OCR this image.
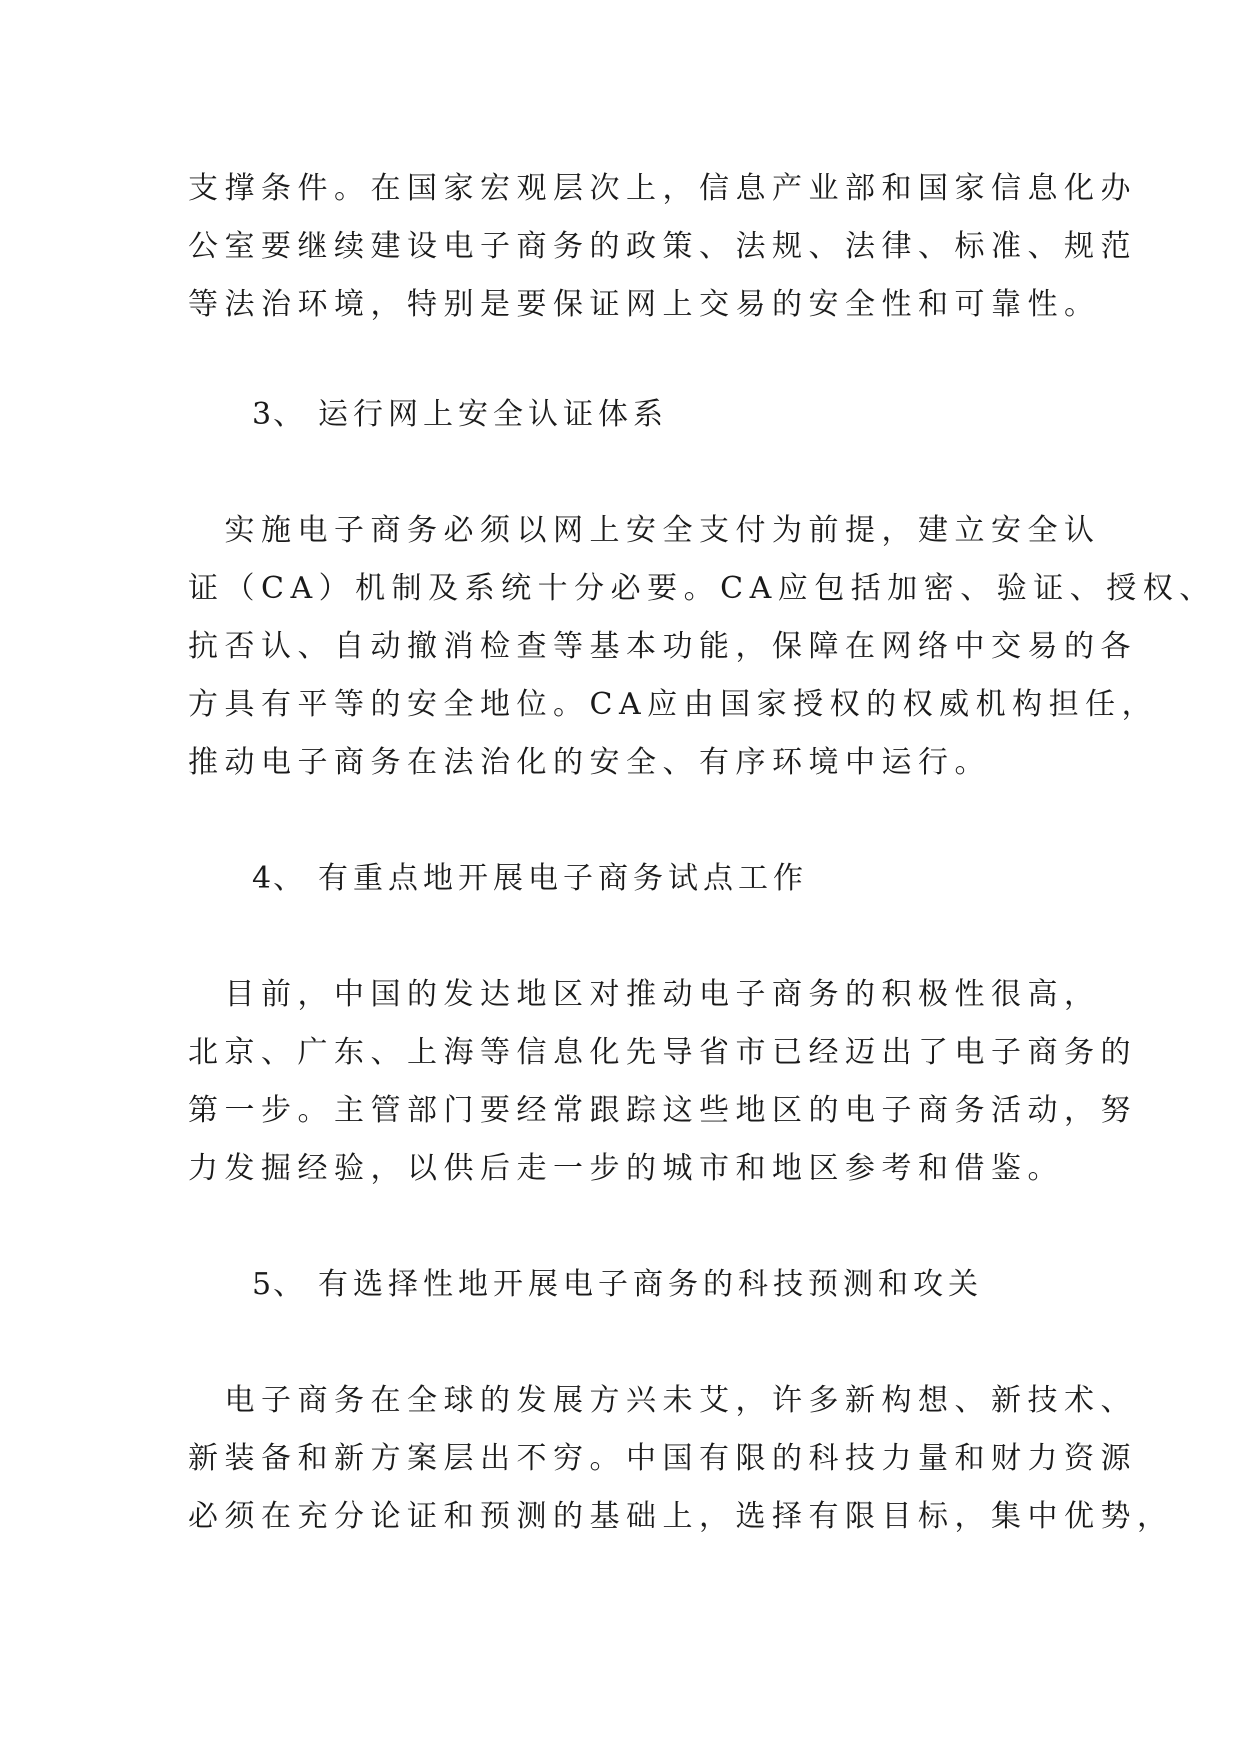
支撑条件。在国家宏观层次上，信息产业部和国家信息化办
公室要继续建设电子商务的政策、法规、法律、标准、规范
等法治环境，特别是要保证网上交易的安全性和可靠性。

3、 运行网上安全认证体系

　实施电子商务必须以网上安全支付为前提，建立安全认
证（CA）机制及系统十分必要。CA应包括加密、验证、授权、
抗否认、自动撤消检查等基本功能，保障在网络中交易的各
方具有平等的安全地位。CA应由国家授权的权威机构担任，
推动电子商务在法治化的安全、有序环境中运行。

4、 有重点地开展电子商务试点工作

　目前，中国的发达地区对推动电子商务的积极性很高，
北京、广东、上海等信息化先导省市已经迈出了电子商务的
第一步。主管部门要经常跟踪这些地区的电子商务活动，努
力发掘经验，以供后走一步的城市和地区参考和借鉴。

5、 有选择性地开展电子商务的科技预测和攻关

　电子商务在全球的发展方兴未艾，许多新构想、新技术、
新装备和新方案层出不穷。中国有限的科技力量和财力资源
必须在充分论证和预测的基础上，选择有限目标，集中优势，
